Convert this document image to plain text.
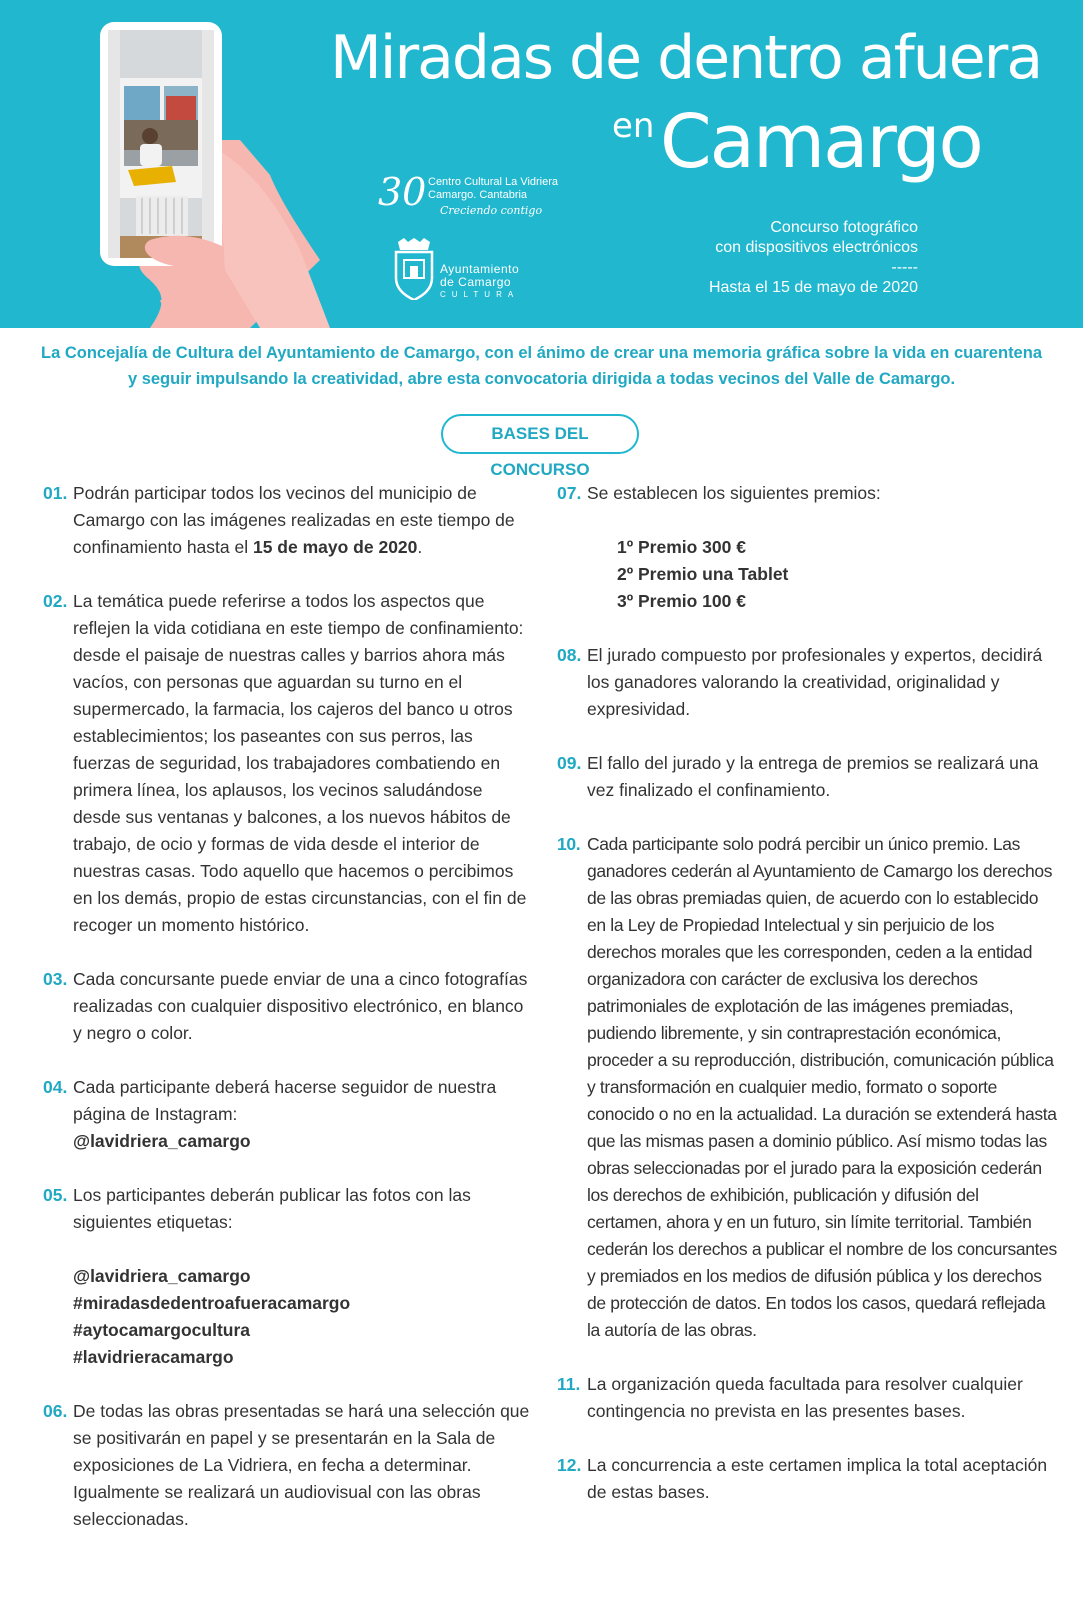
Miradas de dentro afuera
en Camargo
30 Centro Cultural La Vidriera
Camargo. Cantabria
Creciendo contigo
Ayuntamiento
de Camargo
CULTURA
Concurso fotográfico
con dispositivos electrónicos
-----
Hasta el 15 de mayo de 2020
La Concejalía de Cultura del Ayuntamiento de Camargo, con el ánimo de crear una memoria gráfica sobre la vida en cuarentena
y seguir impulsando la creatividad, abre esta convocatoria dirigida a todas vecinos del Valle de Camargo.
BASES DEL CONCURSO
01. Podrán participar todos los vecinos del municipio de Camargo con las imágenes realizadas en este tiempo de confinamiento hasta el 15 de mayo de 2020.

02. La temática puede referirse a todos los aspectos que reflejen la vida cotidiana en este tiempo de confinamiento: desde el paisaje de nuestras calles y barrios ahora más vacíos, con personas que aguardan su turno en el supermercado, la farmacia, los cajeros del banco u otros establecimientos; los paseantes con sus perros, las fuerzas de seguridad, los trabajadores combatiendo en primera línea, los aplausos, los vecinos saludándose desde sus ventanas y balcones, a los nuevos hábitos de trabajo, de ocio y formas de vida desde el interior de nuestras casas. Todo aquello que hacemos o percibimos en los demás, propio de estas circunstancias, con el fin de recoger un momento histórico.

03. Cada concursante puede enviar de una a cinco fotografías realizadas con cualquier dispositivo electrónico, en blanco y negro o color.

04. Cada participante deberá hacerse seguidor de nuestra página de Instagram:

@lavidriera_camargo

05. Los participantes deberán publicar las fotos con las siguientes etiquetas:

@lavidriera_camargo
#miradasdedentroafueracamargo
#aytocamargocultura
#lavidrieracamargo
06. De todas las obras presentadas se hará una selección que se positivarán en papel y se presentarán en la Sala de exposiciones de La Vidriera, en fecha a determinar. Igualmente se realizará un audiovisual con las obras seleccionadas.

07. Se establecen los siguientes premios:

1º Premio 300 €
2º Premio una Tablet
3º Premio 100 €
08. El jurado compuesto por profesionales y expertos, decidirá los ganadores valorando la creatividad, originalidad y expresividad.

09. El fallo del jurado y la entrega de premios se realizará una vez finalizado el confinamiento.

10. Cada participante solo podrá percibir un único premio. Las ganadores cederán al Ayuntamiento de Camargo los derechos de las obras premiadas quien, de acuerdo con lo establecido en la Ley de Propiedad Intelectual y sin perjuicio de los derechos morales que les corresponden, ceden a la entidad organizadora con carácter de exclusiva los derechos patrimoniales de explotación de las imágenes premiadas, pudiendo libremente, y sin contraprestación económica, proceder a su reproducción, distribución, comunicación pública y transformación en cualquier medio, formato o soporte conocido o no en la actualidad. La duración se extenderá hasta que las mismas pasen a dominio público. Así mismo todas las obras seleccionadas por el jurado para la exposición cederán los derechos de exhibición, publicación y difusión del certamen, ahora y en un futuro, sin límite territorial. También cederán los derechos a publicar el nombre de los concursantes y premiados en los medios de difusión pública y los derechos de protección de datos. En todos los casos, quedará reflejada la autoría de las obras.

11. La organización queda facultada para resolver cualquier contingencia no prevista en las presentes bases.

12. La concurrencia a este certamen implica la total aceptación de estas bases.
